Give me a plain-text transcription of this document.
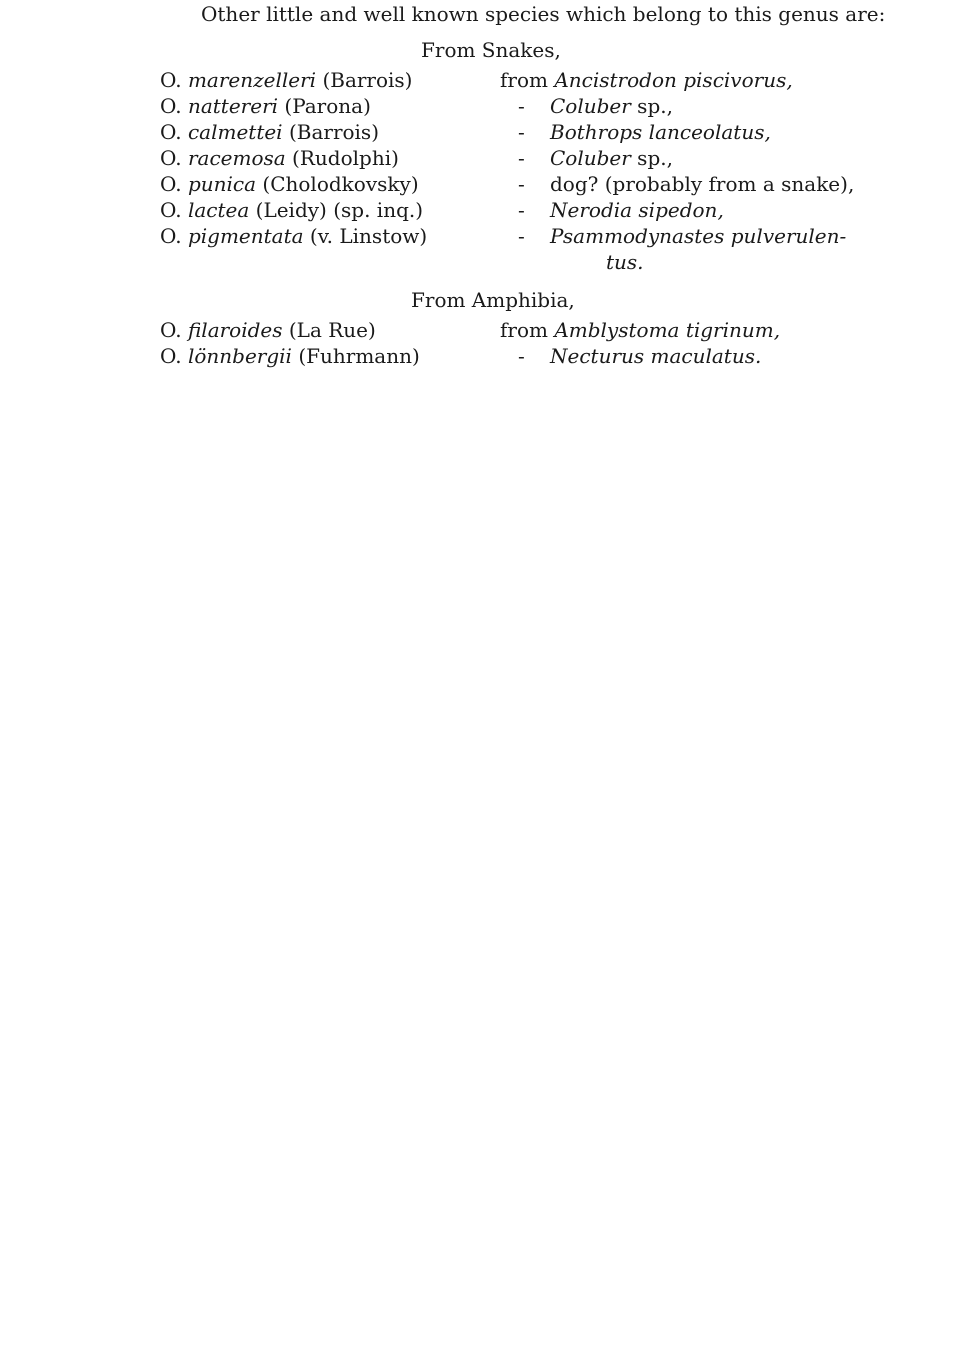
Other little and well known species which belong to this genus are:
From Snakes,
O. marenzelleri (Barrois)	from Ancistrodon piscivorus,
O. nattereri (Parona)	- Coluber sp.,
O. calmettei (Barrois)	- Bothrops lanceolatus,
O. racemosa (Rudolphi)	- Coluber sp.,
O. punica (Cholodkovsky)	- dog? (probably from a snake),
O. lactea (Leidy) (sp. inq.)	- Nerodia sipedon,
O. pigmentata (v. Linstow)	- Psammodynastes pulverulen-
tus.
From Amphibia,
O. filaroides (La Rue)	from Amblystoma tigrinum,
O. lönnbergii (Fuhrmann)	- Necturus maculatus.
